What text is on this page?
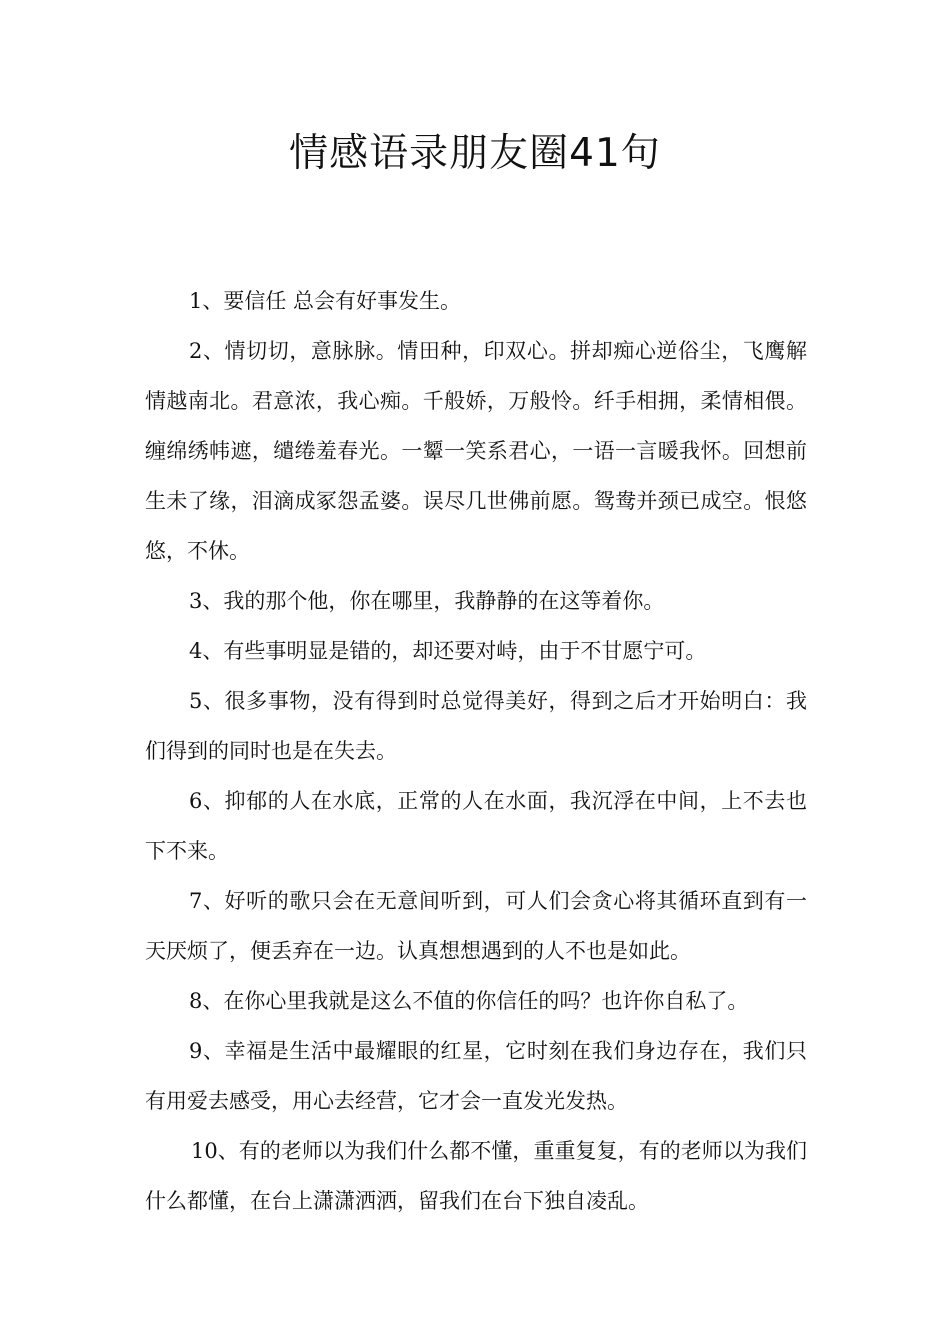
情感语录朋友圈41句

1、要信任 总会有好事发生。

2、情切切，意脉脉。情田种，印双心。拼却痴心逆俗尘，飞鹰解情越南北。君意浓，我心痴。千般娇，万般怜。纤手相拥，柔情相偎。缠绵绣帏遮，缱绻羞春光。一颦一笑系君心，一语一言暖我怀。回想前生未了缘，泪滴成冢怨孟婆。误尽几世佛前愿。鸳鸯并颈已成空。恨悠悠，不休。

3、我的那个他，你在哪里，我静静的在这等着你。

4、有些事明显是错的，却还要对峙，由于不甘愿宁可。

5、很多事物，没有得到时总觉得美好，得到之后才开始明白：我们得到的同时也是在失去。

6、抑郁的人在水底，正常的人在水面，我沉浮在中间，上不去也下不来。

7、好听的歌只会在无意间听到，可人们会贪心将其循环直到有一天厌烦了，便丢弃在一边。认真想想遇到的人不也是如此。

8、在你心里我就是这么不值的你信任的吗？也许你自私了。

9、幸福是生活中最耀眼的红星，它时刻在我们身边存在，我们只有用爱去感受，用心去经营，它才会一直发光发热。

10、有的老师以为我们什么都不懂，重重复复，有的老师以为我们什么都懂，在台上潇潇洒洒，留我们在台下独自凌乱。
